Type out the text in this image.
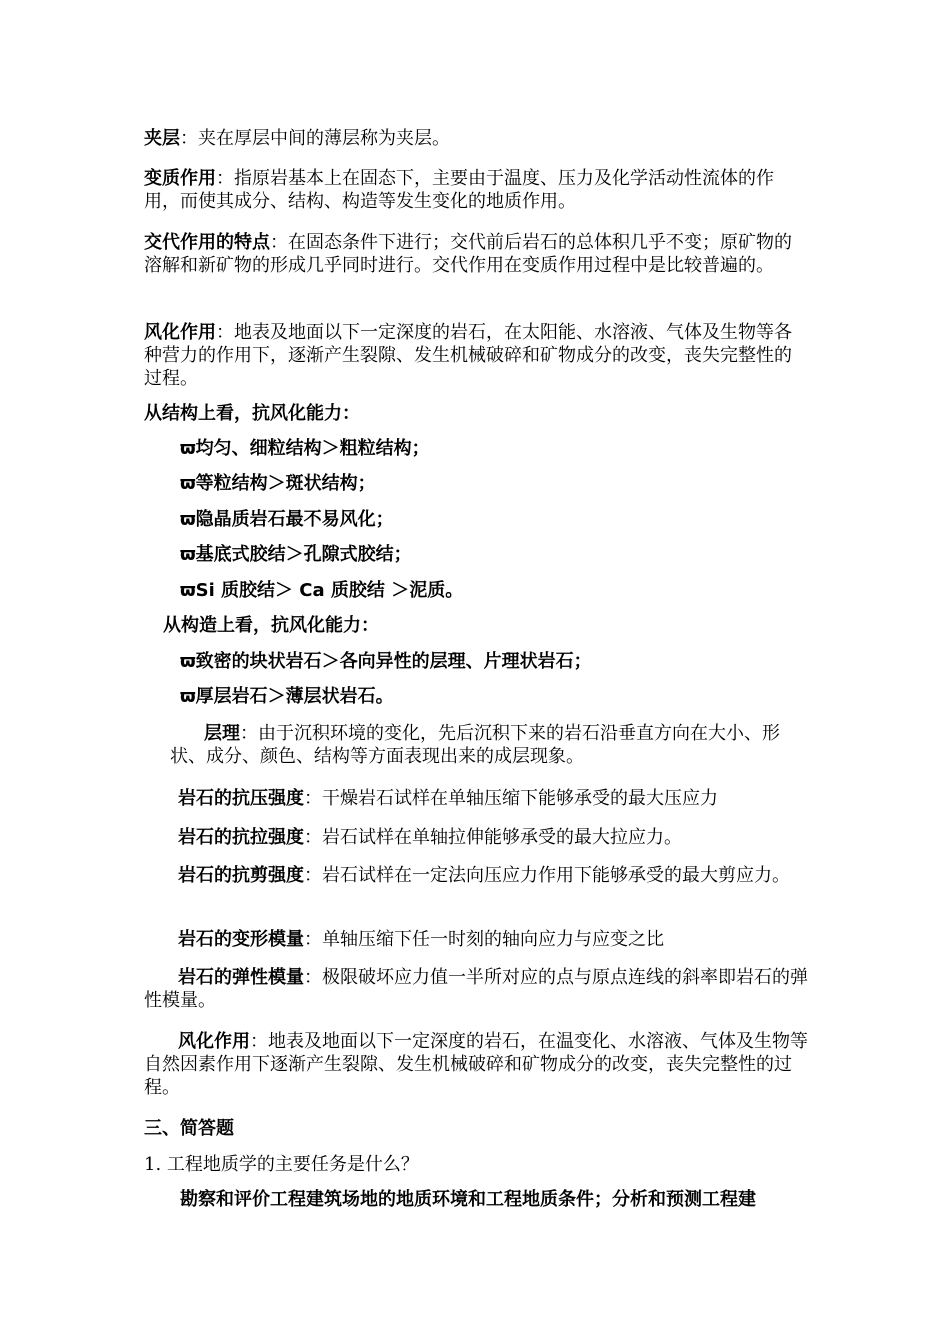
夹层：夹在厚层中间的薄层称为夹层。

变质作用：指原岩基本上在固态下，主要由于温度、压力及化学活动性流体的作用，而使其成分、结构、构造等发生变化的地质作用。

交代作用的特点：在固态条件下进行；交代前后岩石的总体积几乎不变；原矿物的溶解和新矿物的形成几乎同时进行。交代作用在变质作用过程中是比较普遍的。

风化作用：地表及地面以下一定深度的岩石，在太阳能、水溶液、气体及生物等各种营力的作用下，逐渐产生裂隙、发生机械破碎和矿物成分的改变，丧失完整性的过程。

从结构上看，抗风化能力：

ϖ均匀、细粒结构＞粗粒结构；

ϖ等粒结构＞斑状结构；

ϖ隐晶质岩石最不易风化；

ϖ基底式胶结＞孔隙式胶结；

ϖSi 质胶结＞ Ca 质胶结 ＞泥质。

从构造上看，抗风化能力：

ϖ致密的块状岩石＞各向异性的层理、片理状岩石；

ϖ厚层岩石＞薄层状岩石。

层理：由于沉积环境的变化，先后沉积下来的岩石沿垂直方向在大小、形状、成分、颜色、结构等方面表现出来的成层现象。

岩石的抗压强度：干燥岩石试样在单轴压缩下能够承受的最大压应力

岩石的抗拉强度：岩石试样在单轴拉伸能够承受的最大拉应力。

岩石的抗剪强度：岩石试样在一定法向压应力作用下能够承受的最大剪应力。

岩石的变形模量：单轴压缩下任一时刻的轴向应力与应变之比

岩石的弹性模量：极限破坏应力值一半所对应的点与原点连线的斜率即岩石的弹性模量。

风化作用：地表及地面以下一定深度的岩石，在温变化、水溶液、气体及生物等自然因素作用下逐渐产生裂隙、发生机械破碎和矿物成分的改变，丧失完整性的过程。

三、简答题

1. 工程地质学的主要任务是什么？

勘察和评价工程建筑场地的地质环境和工程地质条件；分析和预测工程建
